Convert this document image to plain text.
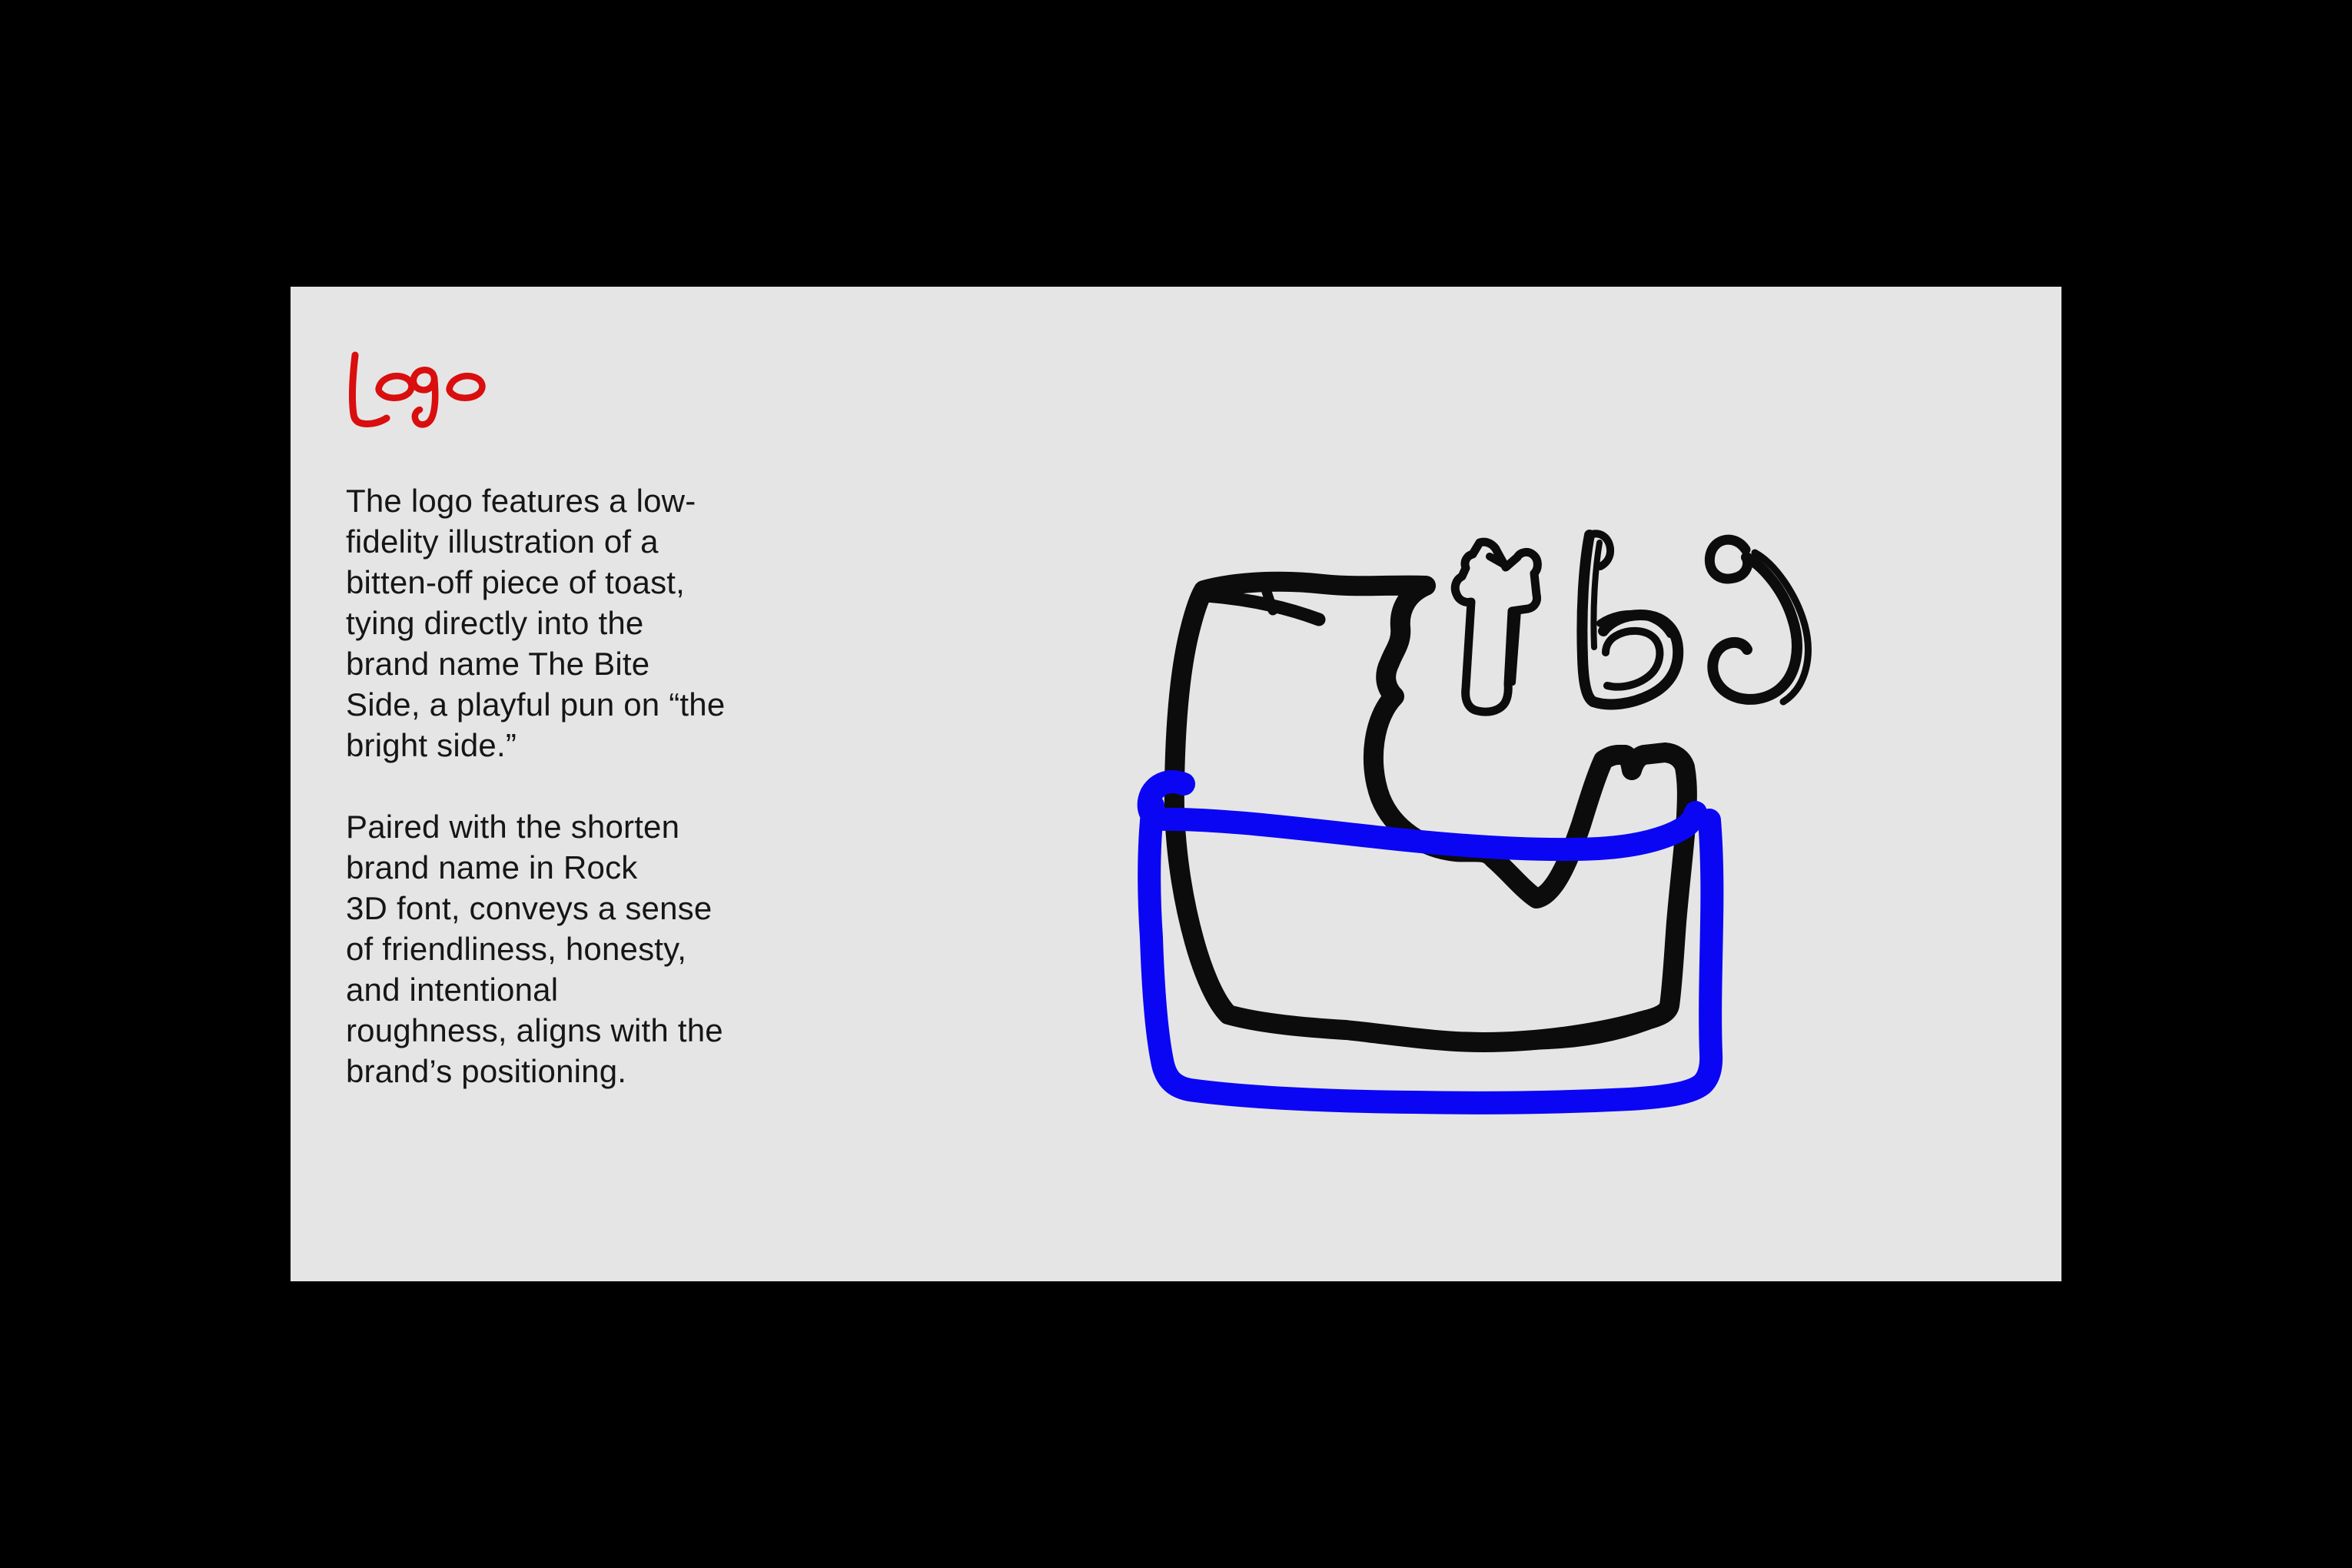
The logo features a low-
fidelity illustration of a
bitten-off piece of toast,
tying directly into the
brand name The Bite
Side, a playful pun on “the
bright side.”

Paired with the shorten
brand name in Rock
3D font, conveys a sense
of friendliness, honesty,
and intentional
roughness, aligns with the
brand’s positioning.
